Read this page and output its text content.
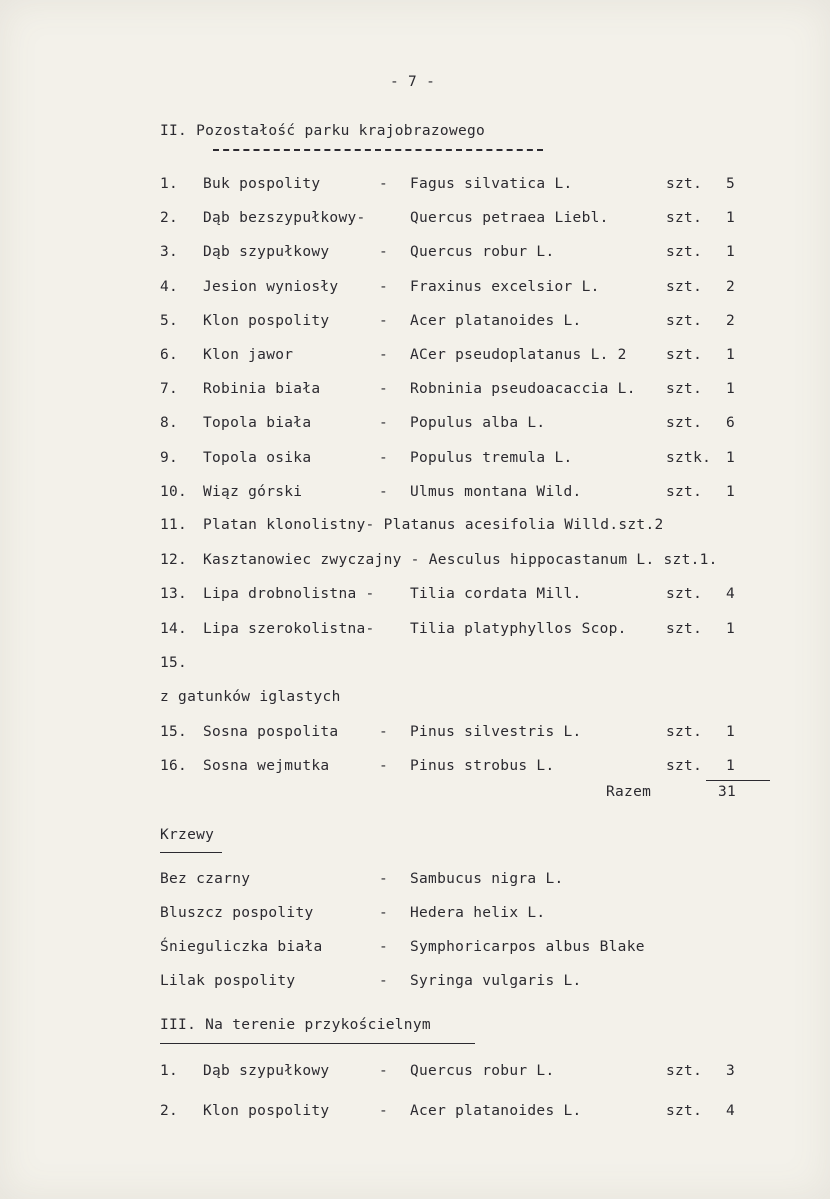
- 7 -
II. Pozostałość parku krajobrazowego
1.	Buk pospolity	- Fagus silvatica L.	szt. 5
2.	Dąb bezszypułkowy-	Quercus petraea Liebl.	szt. 1
3.	Dąb szypułkowy	- Quercus robur L.	szt. 1
4.	Jesion wyniosły	- Fraxinus excelsior L.	szt. 2
5.	Klon pospolity	- Acer platanoides L.	szt. 2
6.	Klon jawor	- ACer pseudoplatanus L. 2	szt. 1
7.	Robinia biała	- Robninia pseudoacaccia L. szt. 1
8.	Topola biała	- Populus alba L.	szt. 6
9.	Topola osika	- Populus tremula L.	sztk. 1
10.	Wiąz górski	- Ulmus montana Wild.	szt. 1
11. Platan klonolistny- Platanus acesifolia Willd.szt.2
12. Kasztanowiec zwyczajny - Aesculus hippocastanum L. szt.1.
13.	Lipa drobnolistna - Tilia cordata Mill.	szt. 4
14.	Lipa szerokolistna- Tilia platyphyllos Scop.	szt. 1
15.
z gatunków iglastych
15.	Sosna pospolita	- Pinus silvestris L.	szt. 1
16.	Sosna wejmutka	- Pinus strobus L.	szt. 1
Razem	31
Krzewy
Bez czarny	- Sambucus nigra L.
Bluszcz pospolity	- Hedera helix L.
Śnieguliczka biała	- Symphoricarpos albus Blake
Lilak pospolity	- Syringa vulgaris L.
III. Na terenie przykościelnym
1.	Dąb szypułkowy	- Quercus robur L.	szt. 3
2.	Klon pospolity	- Acer platanoides L.	szt. 4
